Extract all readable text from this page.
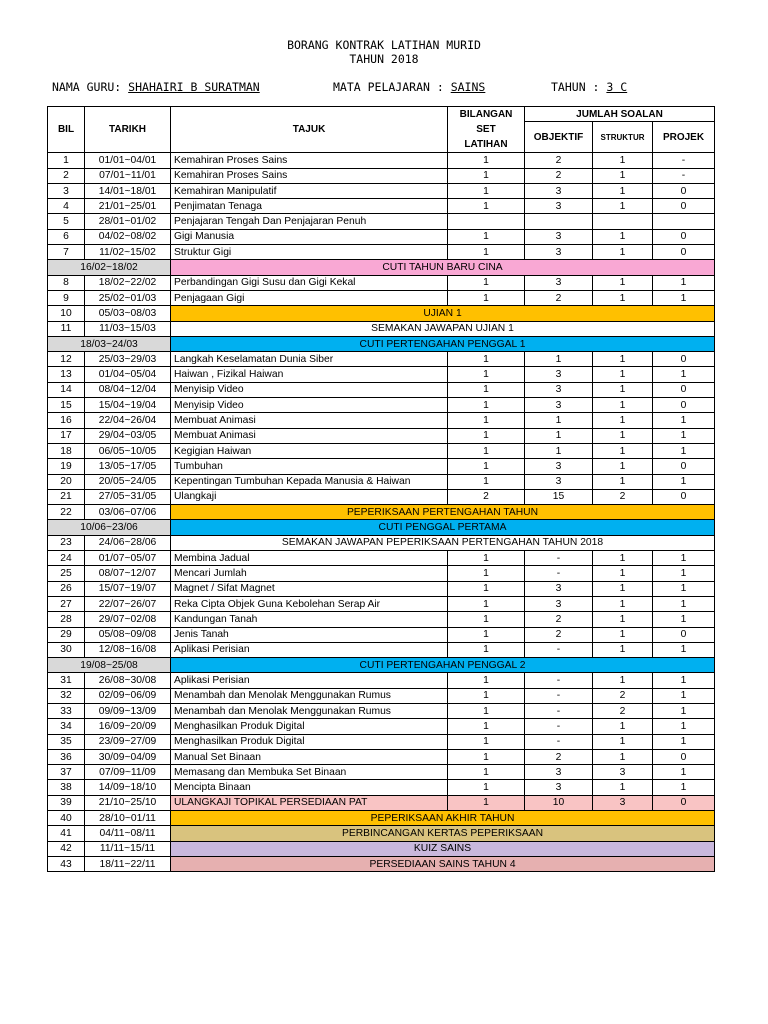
BORANG KONTRAK LATIHAN MURID
TAHUN 2018
NAMA GURU: SHAHAIRI B SURATMAN	MATA PELAJARAN : SAINS	TAHUN : 3 C
BIL	TARIKH	TAJUK	BILANGAN
SET
LATIHAN	JUMLAH SOALAN		
				OBJEKTIF	STRUKTUR	PROJEK

1	01/01~04/01	Kemahiran Proses Sains	1	2	1	-
2	07/01~11/01	Kemahiran Proses Sains	1	2	1	-
3	14/01~18/01	Kemahiran Manipulatif	1	3	1	0
4	21/01~25/01	Penjimatan Tenaga	1	3	1	0
5	28/01~01/02	Penjajaran Tengah Dan Penjajaran Penuh				
6	04/02~08/02	Gigi Manusia	1	3	1	0
7	11/02~15/02	Struktur Gigi	1	3	1	0
16/02~18/02		CUTI TAHUN BARU CINA				
8	18/02~22/02	Perbandingan Gigi Susu dan Gigi Kekal	1	3	1	1
9	25/02~01/03	Penjagaan Gigi	1	2	1	1
10	05/03~08/03	UJIAN 1				
11	11/03~15/03	SEMAKAN JAWAPAN UJIAN 1				
18/03~24/03		CUTI PERTENGAHAN PENGGAL 1				
12	25/03~29/03	Langkah Keselamatan Dunia Siber	1	1	1	0
13	01/04~05/04	Haiwan , Fizikal Haiwan	1	3	1	1
14	08/04~12/04	Menyisip Video	1	3	1	0
15	15/04~19/04	Menyisip Video	1	3	1	0
16	22/04~26/04	Membuat Animasi	1	1	1	1
17	29/04~03/05	Membuat Animasi	1	1	1	1
18	06/05~10/05	Kegigian Haiwan	1	1	1	1
19	13/05~17/05	Tumbuhan	1	3	1	0
20	20/05~24/05	Kepentingan Tumbuhan Kepada Manusia & Haiwan	1	3	1	1
21	27/05~31/05	Ulangkaji	2	15	2	0
22	03/06~07/06	PEPERIKSAAN PERTENGAHAN TAHUN				
10/06~23/06		CUTI PENGGAL PERTAMA				
23	24/06~28/06	SEMAKAN JAWAPAN PEPERIKSAAN PERTENGAHAN TAHUN 2018				
24	01/07~05/07	Membina Jadual	1	-	1	1
25	08/07~12/07	Mencari Jumlah	1	-	1	1
26	15/07~19/07	Magnet / Sifat Magnet	1	3	1	1
27	22/07~26/07	Reka Cipta Objek Guna Kebolehan Serap Air	1	3	1	1
28	29/07~02/08	Kandungan Tanah	1	2	1	1
29	05/08~09/08	Jenis Tanah	1	2	1	0
30	12/08~16/08	Aplikasi Perisian	1	-	1	1
19/08~25/08		CUTI PERTENGAHAN PENGGAL 2				
31	26/08~30/08	Aplikasi Perisian	1	-	1	1
32	02/09~06/09	Menambah dan Menolak Menggunakan Rumus	1	-	2	1
33	09/09~13/09	Menambah dan Menolak Menggunakan Rumus	1	-	2	1
34	16/09~20/09	Menghasilkan Produk Digital	1	-	1	1
35	23/09~27/09	Menghasilkan Produk Digital	1	-	1	1
36	30/09~04/09	Manual Set Binaan	1	2	1	0
37	07/09~11/09	Memasang dan Membuka Set Binaan	1	3	3	1
38	14/09~18/10	Mencipta Binaan	1	3	1	1
39	21/10~25/10	ULANGKAJI TOPIKAL PERSEDIAAN PAT	1	10	3	0
40	28/10~01/11	PEPERIKSAAN AKHIR TAHUN				
41	04/11~08/11	PERBINCANGAN KERTAS PEPERIKSAAN				
42	11/11~15/11	KUIZ SAINS				
43	18/11~22/11	PERSEDIAAN SAINS TAHUN 4				
